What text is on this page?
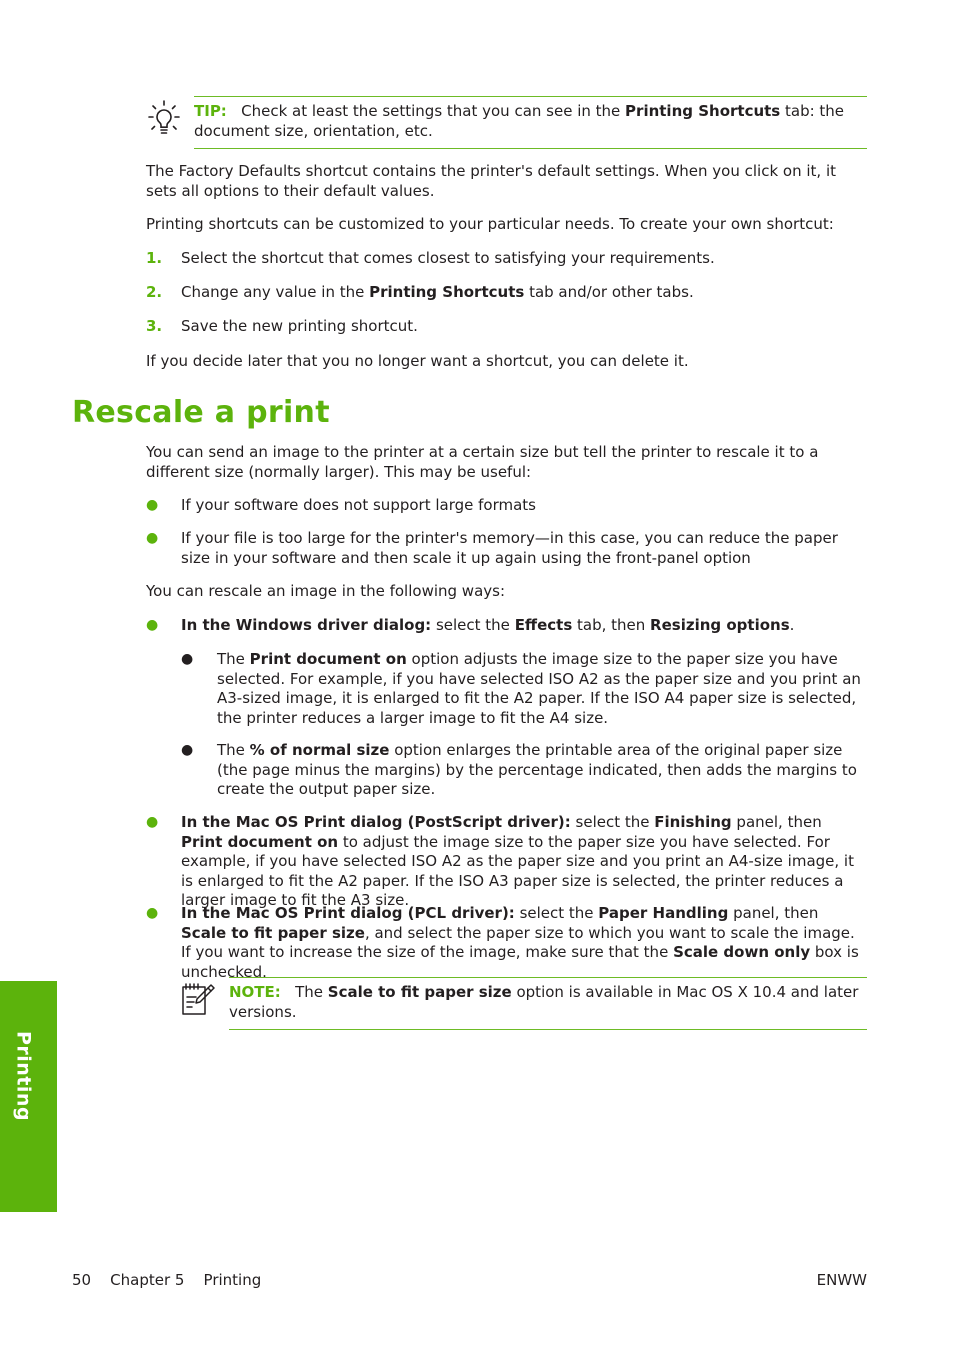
TIP: Check at least the settings that you can see in the Printing Shortcuts tab: the document size, orientation, etc.
The Factory Defaults shortcut contains the printer's default settings. When you click on it, it sets all options to their default values.
Printing shortcuts can be customized to your particular needs. To create your own shortcut:
1. Select the shortcut that comes closest to satisfying your requirements.
2. Change any value in the Printing Shortcuts tab and/or other tabs.
3. Save the new printing shortcut.
If you decide later that you no longer want a shortcut, you can delete it.
Rescale a print
You can send an image to the printer at a certain size but tell the printer to rescale it to a different size (normally larger). This may be useful:
● If your software does not support large formats
● If your file is too large for the printer's memory—in this case, you can reduce the paper size in your software and then scale it up again using the front-panel option
You can rescale an image in the following ways:
● In the Windows driver dialog: select the Effects tab, then Resizing options.
● The Print document on option adjusts the image size to the paper size you have selected. For example, if you have selected ISO A2 as the paper size and you print an A3-sized image, it is enlarged to fit the A2 paper. If the ISO A4 paper size is selected, the printer reduces a larger image to fit the A4 size.
● The % of normal size option enlarges the printable area of the original paper size (the page minus the margins) by the percentage indicated, then adds the margins to create the output paper size.
● In the Mac OS Print dialog (PostScript driver): select the Finishing panel, then Print document on to adjust the image size to the paper size you have selected. For example, if you have selected ISO A2 as the paper size and you print an A4-size image, it is enlarged to fit the A2 paper. If the ISO A3 paper size is selected, the printer reduces a larger image to fit the A3 size.
● In the Mac OS Print dialog (PCL driver): select the Paper Handling panel, then Scale to fit paper size, and select the paper size to which you want to scale the image. If you want to increase the size of the image, make sure that the Scale down only box is unchecked.
NOTE: The Scale to fit paper size option is available in Mac OS X 10.4 and later versions.
Printing
50 Chapter 5 Printing	ENWW
